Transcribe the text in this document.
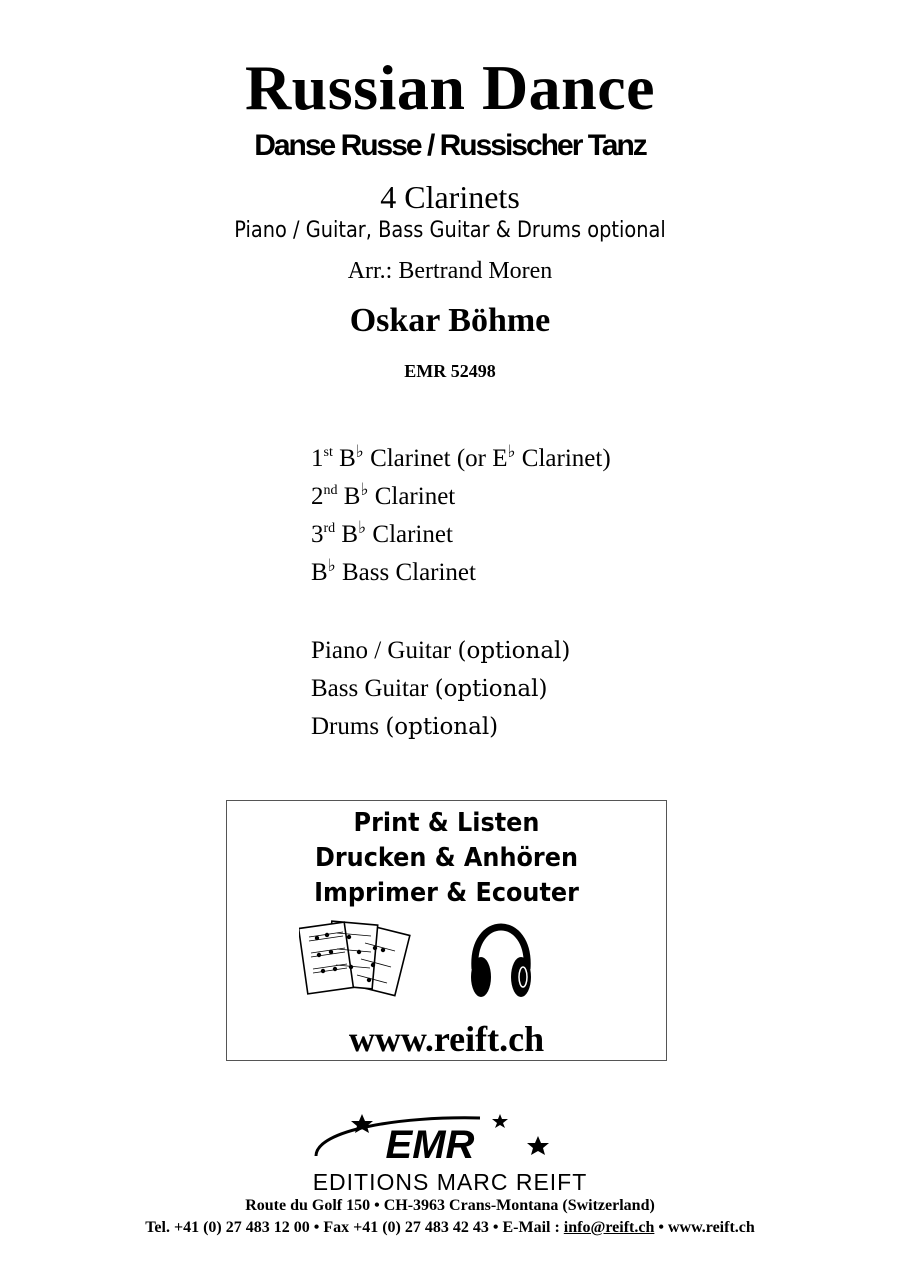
Russian Dance
Danse Russe / Russischer Tanz
4 Clarinets
Piano / Guitar, Bass Guitar & Drums optional
Arr.: Bertrand Moren
Oskar Böhme
EMR 52498
1st B♭ Clarinet (or E♭ Clarinet)
2nd B♭ Clarinet
3rd B♭ Clarinet
B♭ Bass Clarinet
Piano / Guitar (optional)
Bass Guitar (optional)
Drums (optional)
Print & Listen
Drucken & Anhören
Imprimer & Ecouter
www.reift.ch
EMR
EDITIONS MARC REIFT
Route du Golf 150 • CH-3963 Crans-Montana (Switzerland)
Tel. +41 (0) 27 483 12 00 • Fax +41 (0) 27 483 42 43 • E-Mail : info@reift.ch • www.reift.ch
